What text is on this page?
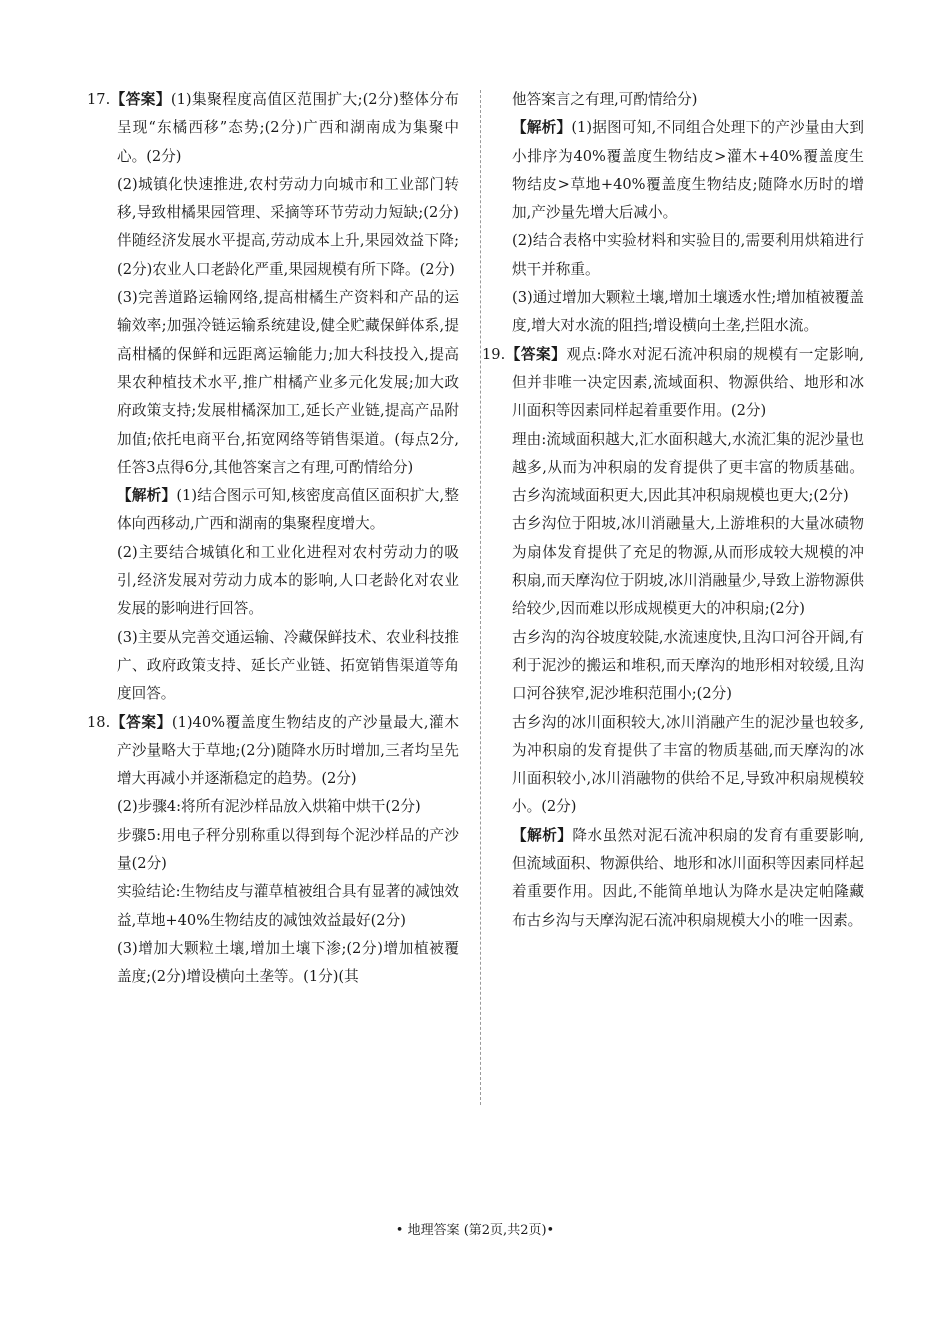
17.【答案】(1)集聚程度高值区范围扩大;(2分)整体分布呈现“东橘西移”态势;(2分)广西和湖南成为集聚中心。(2分)

(2)城镇化快速推进,农村劳动力向城市和工业部门转移,导致柑橘果园管理、采摘等环节劳动力短缺;(2分)伴随经济发展水平提高,劳动成本上升,果园效益下降;(2分)农业人口老龄化严重,果园规模有所下降。(2分)

(3)完善道路运输网络,提高柑橘生产资料和产品的运输效率;加强冷链运输系统建设,健全贮藏保鲜体系,提高柑橘的保鲜和远距离运输能力;加大科技投入,提高果农种植技术水平,推广柑橘产业多元化发展;加大政府政策支持;发展柑橘深加工,延长产业链,提高产品附加值;依托电商平台,拓宽网络等销售渠道。(每点2分,任答3点得6分,其他答案言之有理,可酌情给分)

【解析】(1)结合图示可知,核密度高值区面积扩大,整体向西移动,广西和湖南的集聚程度增大。

(2)主要结合城镇化和工业化进程对农村劳动力的吸引,经济发展对劳动力成本的影响,人口老龄化对农业发展的影响进行回答。

(3)主要从完善交通运输、冷藏保鲜技术、农业科技推广、政府政策支持、延长产业链、拓宽销售渠道等角度回答。

18.【答案】(1)40%覆盖度生物结皮的产沙量最大,灌木产沙量略大于草地;(2分)随降水历时增加,三者均呈先增大再减小并逐渐稳定的趋势。(2分)

(2)步骤4:将所有泥沙样品放入烘箱中烘干(2分)

步骤5:用电子秤分别称重以得到每个泥沙样品的产沙量(2分)

实验结论:生物结皮与灌草植被组合具有显著的减蚀效益,草地+40%生物结皮的减蚀效益最好(2分)

(3)增加大颗粒土壤,增加土壤下渗;(2分)增加植被覆盖度;(2分)增设横向土垄等。(1分)(其

他答案言之有理,可酌情给分)

【解析】(1)据图可知,不同组合处理下的产沙量由大到小排序为40%覆盖度生物结皮>灌木+40%覆盖度生物结皮>草地+40%覆盖度生物结皮;随降水历时的增加,产沙量先增大后减小。

(2)结合表格中实验材料和实验目的,需要利用烘箱进行烘干并称重。

(3)通过增加大颗粒土壤,增加土壤透水性;增加植被覆盖度,增大对水流的阻挡;增设横向土垄,拦阻水流。

19.【答案】观点:降水对泥石流冲积扇的规模有一定影响,但并非唯一决定因素,流域面积、物源供给、地形和冰川面积等因素同样起着重要作用。(2分)

理由:流域面积越大,汇水面积越大,水流汇集的泥沙量也越多,从而为冲积扇的发育提供了更丰富的物质基础。古乡沟流域面积更大,因此其冲积扇规模也更大;(2分)

古乡沟位于阳坡,冰川消融量大,上游堆积的大量冰碛物为扇体发育提供了充足的物源,从而形成较大规模的冲积扇,而天摩沟位于阴坡,冰川消融量少,导致上游物源供给较少,因而难以形成规模更大的冲积扇;(2分)

古乡沟的沟谷坡度较陡,水流速度快,且沟口河谷开阔,有利于泥沙的搬运和堆积,而天摩沟的地形相对较缓,且沟口河谷狭窄,泥沙堆积范围小;(2分)

古乡沟的冰川面积较大,冰川消融产生的泥沙量也较多,为冲积扇的发育提供了丰富的物质基础,而天摩沟的冰川面积较小,冰川消融物的供给不足,导致冲积扇规模较小。(2分)

【解析】降水虽然对泥石流冲积扇的发育有重要影响,但流域面积、物源供给、地形和冰川面积等因素同样起着重要作用。因此,不能简单地认为降水是决定帕隆藏布古乡沟与天摩沟泥石流冲积扇规模大小的唯一因素。

• 地理答案 (第2页,共2页)•
